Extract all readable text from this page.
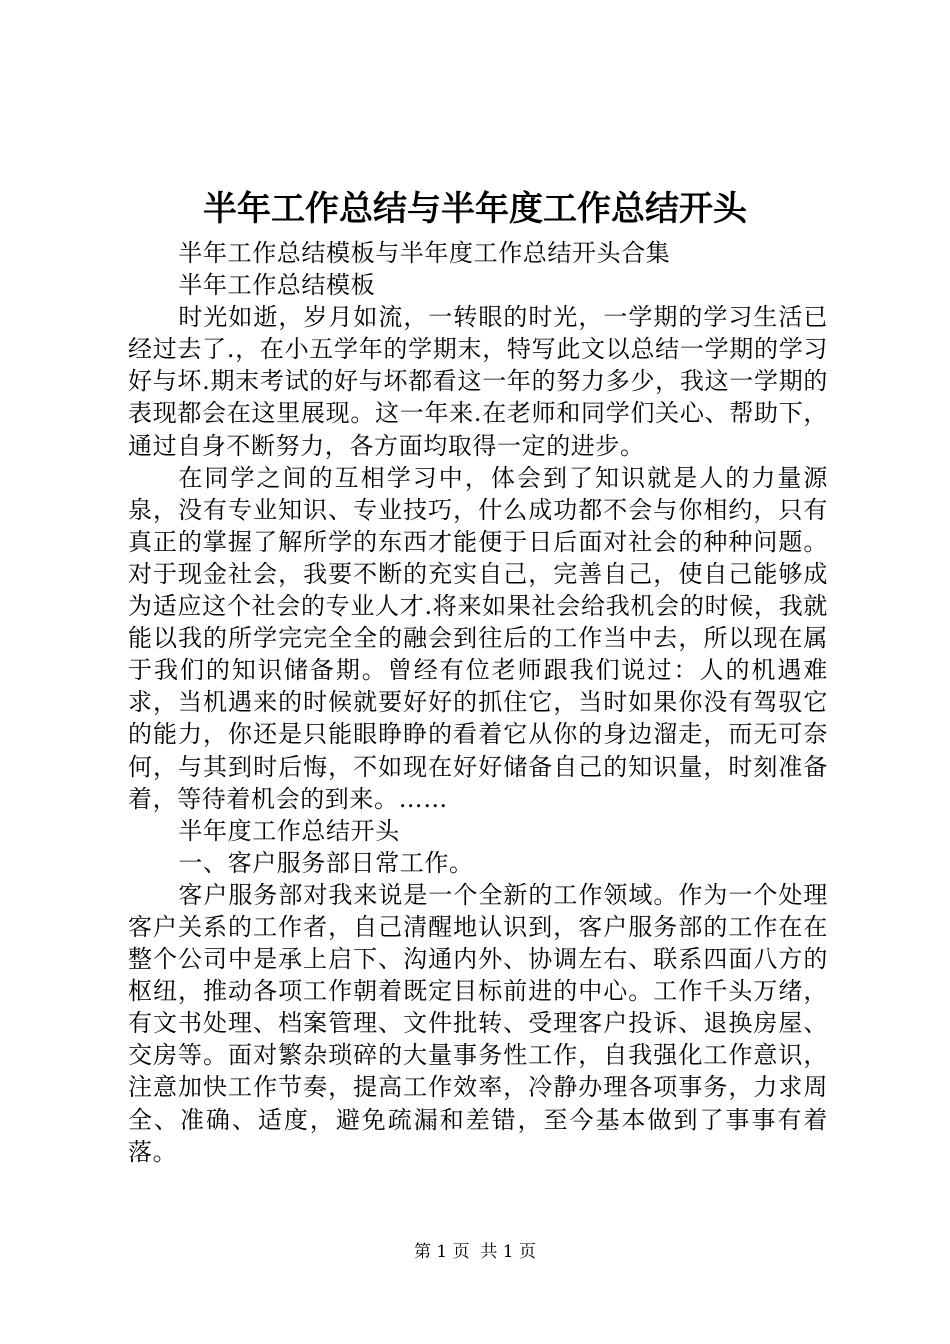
半年工作总结与半年度工作总结开头

半年工作总结模板与半年度工作总结开头合集

半年工作总结模板

时光如逝，岁月如流，一转眼的时光，一学期的学习生活已经过去了.，在小五学年的学期末，特写此文以总结一学期的学习好与坏.期末考试的好与坏都看这一年的努力多少，我这一学期的表现都会在这里展现。这一年来.在老师和同学们关心、帮助下，通过自身不断努力，各方面均取得一定的进步。

在同学之间的互相学习中，体会到了知识就是人的力量源泉，没有专业知识、专业技巧，什么成功都不会与你相约，只有真正的掌握了解所学的东西才能便于日后面对社会的种种问题。对于现金社会，我要不断的充实自己，完善自己，使自己能够成为适应这个社会的专业人才.将来如果社会给我机会的时候，我就能以我的所学完完全全的融会到往后的工作当中去，所以现在属于我们的知识储备期。曾经有位老师跟我们说过：人的机遇难求，当机遇来的时候就要好好的抓住它，当时如果你没有驾驭它的能力，你还是只能眼睁睁的看着它从你的身边溜走，而无可奈何，与其到时后悔，不如现在好好储备自己的知识量，时刻准备着，等待着机会的到来。……

半年度工作总结开头

一、客户服务部日常工作。

客户服务部对我来说是一个全新的工作领域。作为一个处理客户关系的工作者，自己清醒地认识到，客户服务部的工作在在整个公司中是承上启下、沟通内外、协调左右、联系四面八方的枢纽，推动各项工作朝着既定目标前进的中心。工作千头万绪，有文书处理、档案管理、文件批转、受理客户投诉、退换房屋、交房等。面对繁杂琐碎的大量事务性工作，自我强化工作意识，注意加快工作节奏，提高工作效率，冷静办理各项事务，力求周全、准确、适度，避免疏漏和差错，至今基本做到了事事有着落。

第 1 页 共 1 页
